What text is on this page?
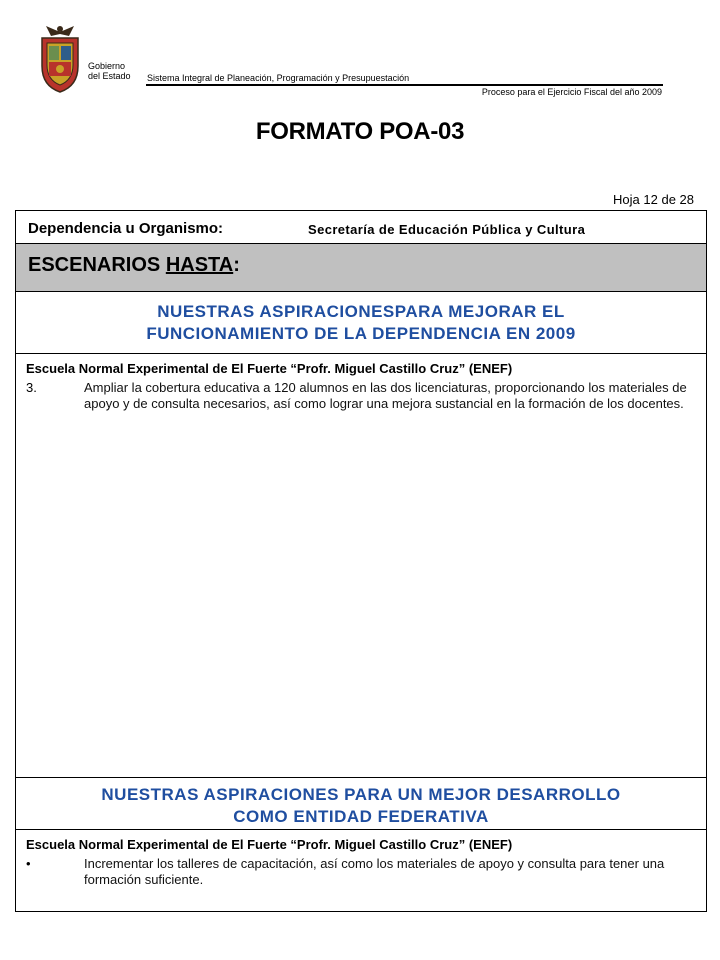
Gobierno
del Estado Sistema Integral de Planeación, Programación y Presupuestación
Proceso para el Ejercicio Fiscal del año 2009
FORMATO POA-03
Hoja 12 de 28
Dependencia u Organismo:	Secretaría de Educación Pública y Cultura
ESCENARIOS HASTA:
NUESTRAS ASPIRACIONESPARA MEJORAR EL
FUNCIONAMIENTO DE LA DEPENDENCIA EN 2009
Escuela Normal Experimental de El Fuerte “Profr. Miguel Castillo Cruz” (ENEF)
3.	Ampliar la cobertura educativa a 120 alumnos en las dos licenciaturas, proporcionando los materiales de apoyo y de consulta necesarios, así como lograr una mejora sustancial en la formación de los docentes.
NUESTRAS ASPIRACIONES PARA UN MEJOR DESARROLLO
COMO ENTIDAD FEDERATIVA
Escuela Normal Experimental de El Fuerte “Profr. Miguel Castillo Cruz” (ENEF)
•	Incrementar los talleres de capacitación, así como los materiales de apoyo y consulta para tener una formación suficiente.
